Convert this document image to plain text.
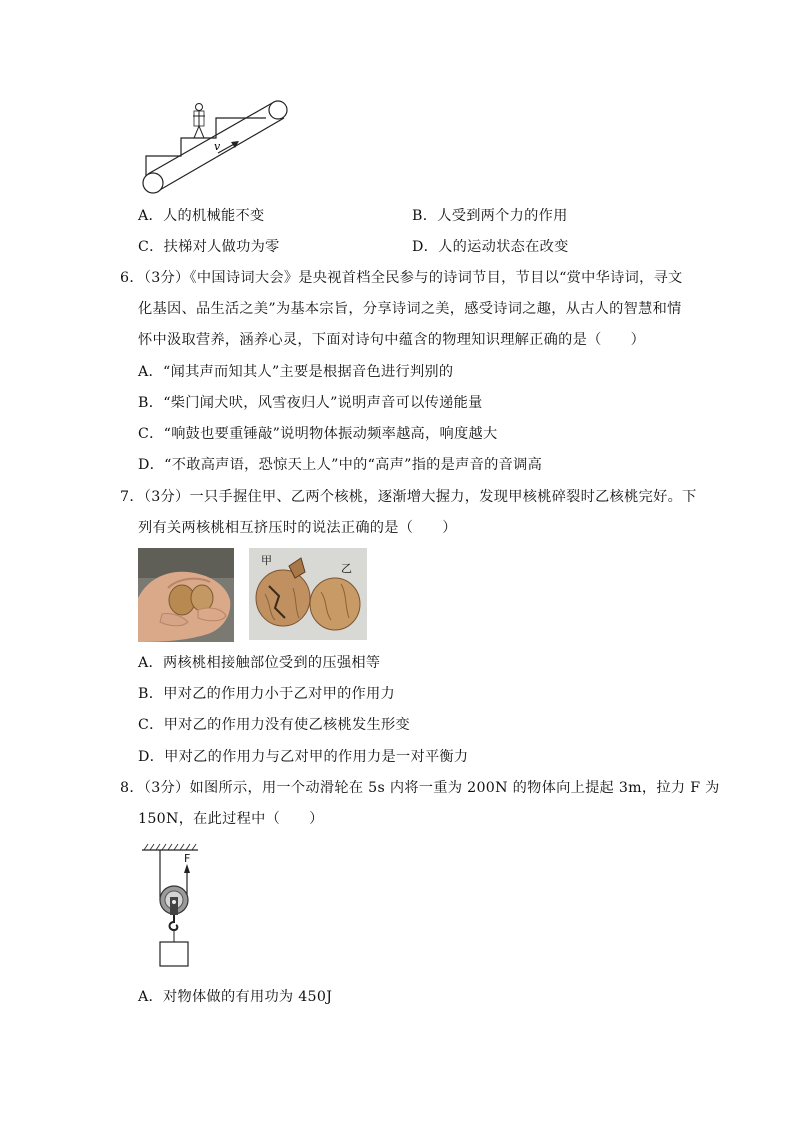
v
A．人的机械能不变	B．人受到两个力的作用
C．扶梯对人做功为零	D．人的运动状态在改变
6．（3分）《中国诗词大会》是央视首档全民参与的诗词节目，节目以“赏中华诗词，寻文
化基因、品生活之美”为基本宗旨，分享诗词之美，感受诗词之趣，从古人的智慧和情
怀中汲取营养，涵养心灵，下面对诗句中蕴含的物理知识理解正确的是（　　）
A．“闻其声而知其人”主要是根据音色进行判别的
B．“柴门闻犬吠，风雪夜归人”说明声音可以传递能量
C．“响鼓也要重锤敲”说明物体振动频率越高，响度越大
D．“不敢高声语，恐惊天上人”中的“高声”指的是声音的音调高
7．（3分）一只手握住甲、乙两个核桃，逐渐增大握力，发现甲核桃碎裂时乙核桃完好。下
列有关两核桃相互挤压时的说法正确的是（　　）
甲
乙
A．两核桃相接触部位受到的压强相等
B．甲对乙的作用力小于乙对甲的作用力
C．甲对乙的作用力没有使乙核桃发生形变
D．甲对乙的作用力与乙对甲的作用力是一对平衡力
8．（3分）如图所示，用一个动滑轮在 5s 内将一重为 200N 的物体向上提起 3m，拉力 F 为
150N，在此过程中（　　）
F
A．对物体做的有用功为 450J
